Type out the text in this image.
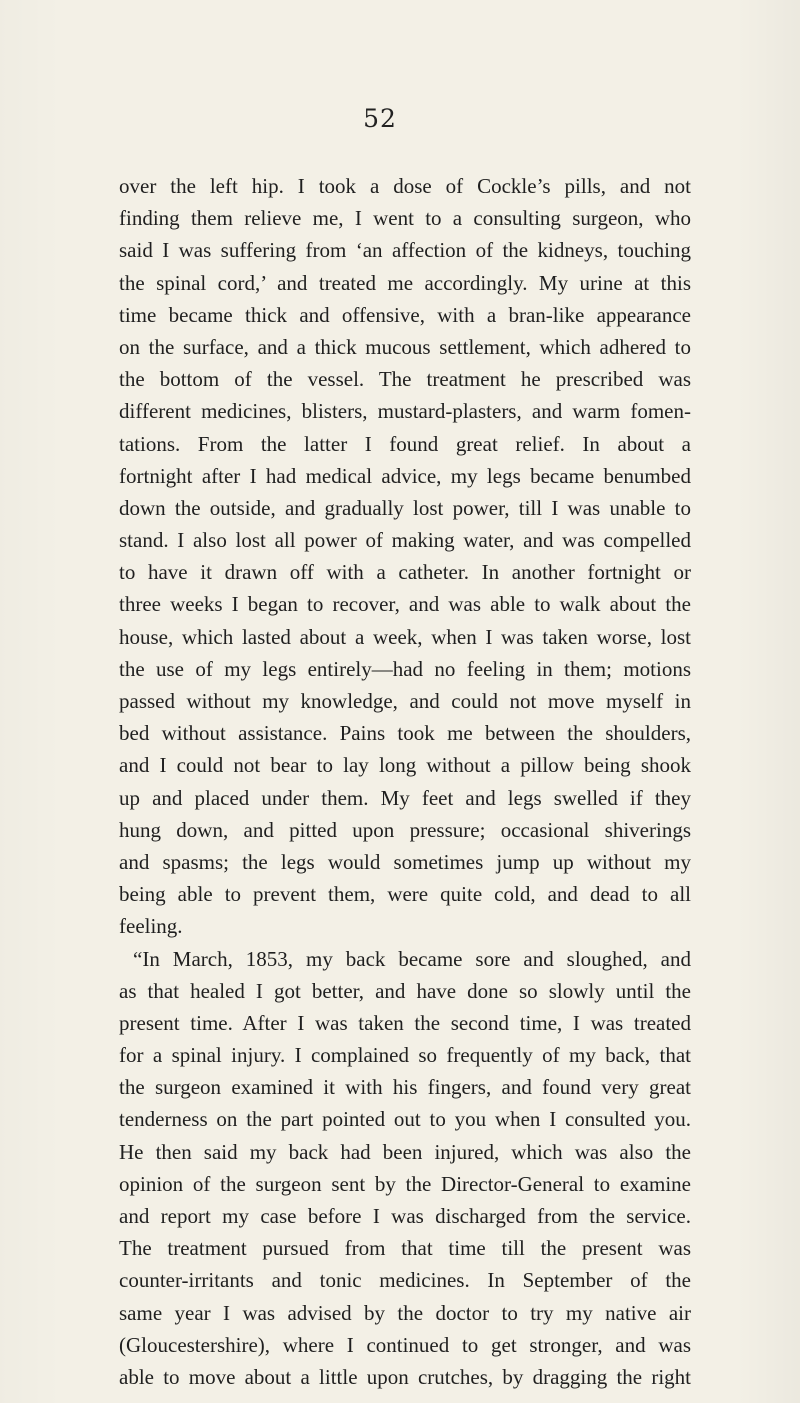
52
over the left hip. I took a dose of Cockle’s pills, and not
finding them relieve me, I went to a consulting surgeon, who
said I was suffering from ‘an affection of the kidneys, touching
the spinal cord,’ and treated me accordingly. My urine at this
time became thick and offensive, with a bran-like appearance
on the surface, and a thick mucous settlement, which adhered to
the bottom of the vessel. The treatment he prescribed was
different medicines, blisters, mustard-plasters, and warm fomen-
tations. From the latter I found great relief. In about a
fortnight after I had medical advice, my legs became benumbed
down the outside, and gradually lost power, till I was unable to
stand. I also lost all power of making water, and was compelled
to have it drawn off with a catheter. In another fortnight or
three weeks I began to recover, and was able to walk about the
house, which lasted about a week, when I was taken worse, lost
the use of my legs entirely—had no feeling in them; motions
passed without my knowledge, and could not move myself in
bed without assistance. Pains took me between the shoulders,
and I could not bear to lay long without a pillow being shook
up and placed under them. My feet and legs swelled if they
hung down, and pitted upon pressure; occasional shiverings
and spasms; the legs would sometimes jump up without my
being able to prevent them, were quite cold, and dead to all
feeling.
“In March, 1853, my back became sore and sloughed, and
as that healed I got better, and have done so slowly until the
present time. After I was taken the second time, I was treated
for a spinal injury. I complained so frequently of my back, that
the surgeon examined it with his fingers, and found very great
tenderness on the part pointed out to you when I consulted you.
He then said my back had been injured, which was also the
opinion of the surgeon sent by the Director-General to examine
and report my case before I was discharged from the service.
The treatment pursued from that time till the present was
counter-irritants and tonic medicines. In September of the
same year I was advised by the doctor to try my native air
(Gloucestershire), where I continued to get stronger, and was
able to move about a little upon crutches, by dragging the right
